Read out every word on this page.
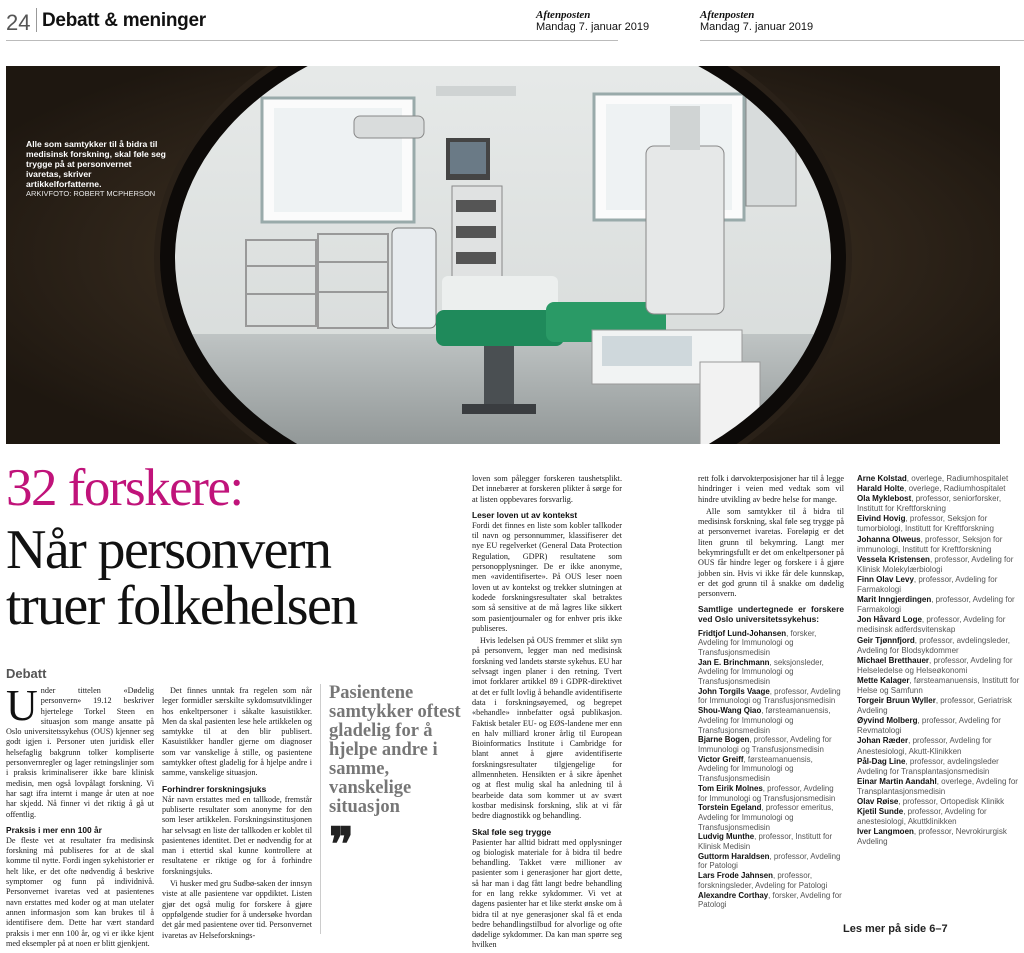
24 Debatt & meninger	Aftenposten
Mandag 7. januar 2019
Aftenposten
Mandag 7. januar 2019
Alle som samtykker til å bidra til medisinsk forskning, skal føle seg trygge på at personvernet ivaretas, skriver artikkelforfatterne.
ARKIVFOTO: ROBERT MCPHERSON
32 forskere:
Når personvern
truer folkehelsen
Debatt

Under tittelen «Dødelig personvern» 19.12 beskriver hjertelege Torkel Steen en situasjon som mange ansatte på Oslo universitetssykehus (OUS) kjenner seg godt igjen i. Personer uten juridisk eller helsefaglig bakgrunn tolker kompliserte personvernregler og lager retningslinjer som i praksis kriminaliserer ikke bare klinisk medisin, men også lovpålagt forskning. Vi har sagt ifra internt i mange år uten at noe har skjedd. Nå finner vi det riktig å gå ut offentlig.

Praksis i mer enn 100 år

De fleste vet at resultater fra medisinsk forskning må publiseres for at de skal komme til nytte. Fordi ingen sykehistorier er helt like, er det ofte nødvendig å beskrive symptomer og funn på individnivå. Personvernet ivaretas ved at pasientenes navn erstattes med koder og at man utelater annen informasjon som kan brukes til å identifisere dem. Dette har vært standard praksis i mer enn 100 år, og vi er ikke kjent med eksempler på at noen er blitt gjenkjent.

Det finnes unntak fra regelen som når leger formidler særskilte sykdomsutviklinger hos enkeltpersoner i såkalte kasuistikker. Men da skal pasienten lese hele artikkelen og samtykke til at den blir publisert. Kasuistikker handler gjerne om diagnoser som var vanskelige å stille, og pasientene samtykker oftest gladelig for å hjelpe andre i samme, vanskelige situasjon.

Forhindrer forskningsjuks

Når navn erstattes med en tallkode, fremstår publiserte resultater som anonyme for den som leser artikkelen. Forskningsinstitusjonen har selvsagt en liste der tallkoden er koblet til pasientenes identitet. Det er nødvendig for at man i ettertid skal kunne kontrollere at resultatene er riktige og for å forhindre forskningsjuks.

Vi husker med gru Sudbø-saken der innsyn viste at alle pasientene var oppdiktet. Listen gjør det også mulig for forskere å gjøre oppfølgende studier for å undersøke hvordan det går med pasientene over tid. Personvernet ivaretas av Helseforsknings-

Pasientene samtykker oftest gladelig for å hjelpe andre i samme, vanskelige situasjon
❞

loven som pålegger forskeren taushetsplikt. Det innebærer at forskeren plikter å sørge for at listen oppbevares forsvarlig.

Leser loven ut av kontekst

Fordi det finnes en liste som kobler tallkoder til navn og personnummer, klassifiserer det nye EU regelverket (General Data Protection Regulation, GDPR) resultatene som personopplysninger. De er ikke anonyme, men «avidentifiserte». På OUS leser noen loven ut av kontekst og trekker slutningen at kodede forskningsresultater skal betraktes som så sensitive at de må lagres like sikkert som pasientjournaler og for enhver pris ikke publiseres.

Hvis ledelsen på OUS fremmer et slikt syn på personvern, legger man ned medisinsk forskning ved landets største sykehus. EU har selvsagt ingen planer i den retning. Tvert imot forklarer artikkel 89 i GDPR-direktivet at det er fullt lovlig å behandle avidentifiserte data i forskningsøyemed, og begrepet «behandle» innbefatter også publikasjon. Faktisk betaler EU- og EØS-landene mer enn en halv milliard kroner årlig til European Bioinformatics Institute i Cambridge for blant annet å gjøre avidentifiserte forskningsresultater tilgjengelige for allmennheten. Hensikten er å sikre åpenhet og at flest mulig skal ha anledning til å bearbeide data som kommer ut av svært kostbar medisinsk forskning, slik at vi får bedre diagnostikk og behandling.

Skal føle seg trygge

Pasienter har alltid bidratt med opplysninger og biologisk materiale for å bidra til bedre behandling. Takket være millioner av pasienter som i generasjoner har gjort dette, så har man i dag fått langt bedre behandling for en lang rekke sykdommer. Vi vet at dagens pasienter har et like sterkt ønske om å bidra til at nye generasjoner skal få et enda bedre behandlingstilbud for alvorlige og ofte dødelige sykdommer. Da kan man spørre seg hvilken

rett folk i dørvokterposisjoner har til å legge hindringer i veien med vedtak som vil hindre utvikling av bedre helse for mange.

Alle som samtykker til å bidra til medisinsk forskning, skal føle seg trygge på at personvernet ivaretas. Foreløpig er det liten grunn til bekymring. Langt mer bekymringsfullt er det om enkeltpersoner på OUS får hindre leger og forskere i å gjøre jobben sin. Hvis vi ikke får dele kunnskap, er det god grunn til å snakke om dødelig personvern.

Samtlige undertegnede er forskere ved Oslo universitetssykehus:
Fridtjof Lund-Johansen, forsker, Avdeling for Immunologi og Transfusjonsmedisin
Jan E. Brinchmann, seksjonsleder, Avdeling for Immunologi og Transfusjonsmedisin
John Torgils Vaage, professor, Avdeling for Immunologi og Transfusjonsmedisin
Shou-Wang Qiao, førsteamanuensis, Avdeling for Immunologi og Transfusjonsmedisin
Bjarne Bogen, professor, Avdeling for Immunologi og Transfusjonsmedisin
Victor Greiff, førsteamanuensis, Avdeling for Immunologi og Transfusjonsmedisin
Tom Eirik Molnes, professor, Avdeling for Immunologi og Transfusjonsmedisin
Torstein Egeland, professor emeritus, Avdeling for Immunologi og Transfusjonsmedisin
Ludvig Munthe, professor, Institutt for Klinisk Medisin
Guttorm Haraldsen, professor, Avdeling for Patologi
Lars Frode Jahnsen, professor, forskningsleder, Avdeling for Patologi
Alexandre Corthay, forsker, Avdeling for Patologi
Arne Kolstad, overlege, Radiumhospitalet
Harald Holte, overlege, Radiumhospitalet
Ola Myklebost, professor, seniorforsker, Institutt for Kreftforskning
Eivind Hovig, professor, Seksjon for tumorbiologi, Institutt for Kreftforskning
Johanna Olweus, professor, Seksjon for immunologi, Institutt for Kreftforskning
Vessela Kristensen, professor, Avdeling for Klinisk Molekylærbiologi
Finn Olav Levy, professor, Avdeling for Farmakologi
Marit Inngjerdingen, professor, Avdeling for Farmakologi
Jon Håvard Loge, professor, Avdeling for medisinsk adferdsvitenskap
Geir Tjønnfjord, professor, avdelingsleder, Avdeling for Blodsykdommer
Michael Bretthauer, professor, Avdeling for Helseledelse og Helseøkonomi
Mette Kalager, førsteamanuensis, Institutt for Helse og Samfunn
Torgeir Bruun Wyller, professor, Geriatrisk Avdeling
Øyvind Molberg, professor, Avdeling for Revmatologi
Johan Ræder, professor, Avdeling for Anestesiologi, Akutt-Klinikken
Pål-Dag Line, professor, avdelingsleder Avdeling for Transplantasjonsmedisin
Einar Martin Aandahl, overlege, Avdeling for Transplantasjonsmedisin
Olav Røise, professor, Ortopedisk Klinikk
Kjetil Sunde, professor, Avdeling for anestesiologi, Akuttklinikken
Iver Langmoen, professor, Nevrokirurgisk Avdeling
Les mer på side 6–7
